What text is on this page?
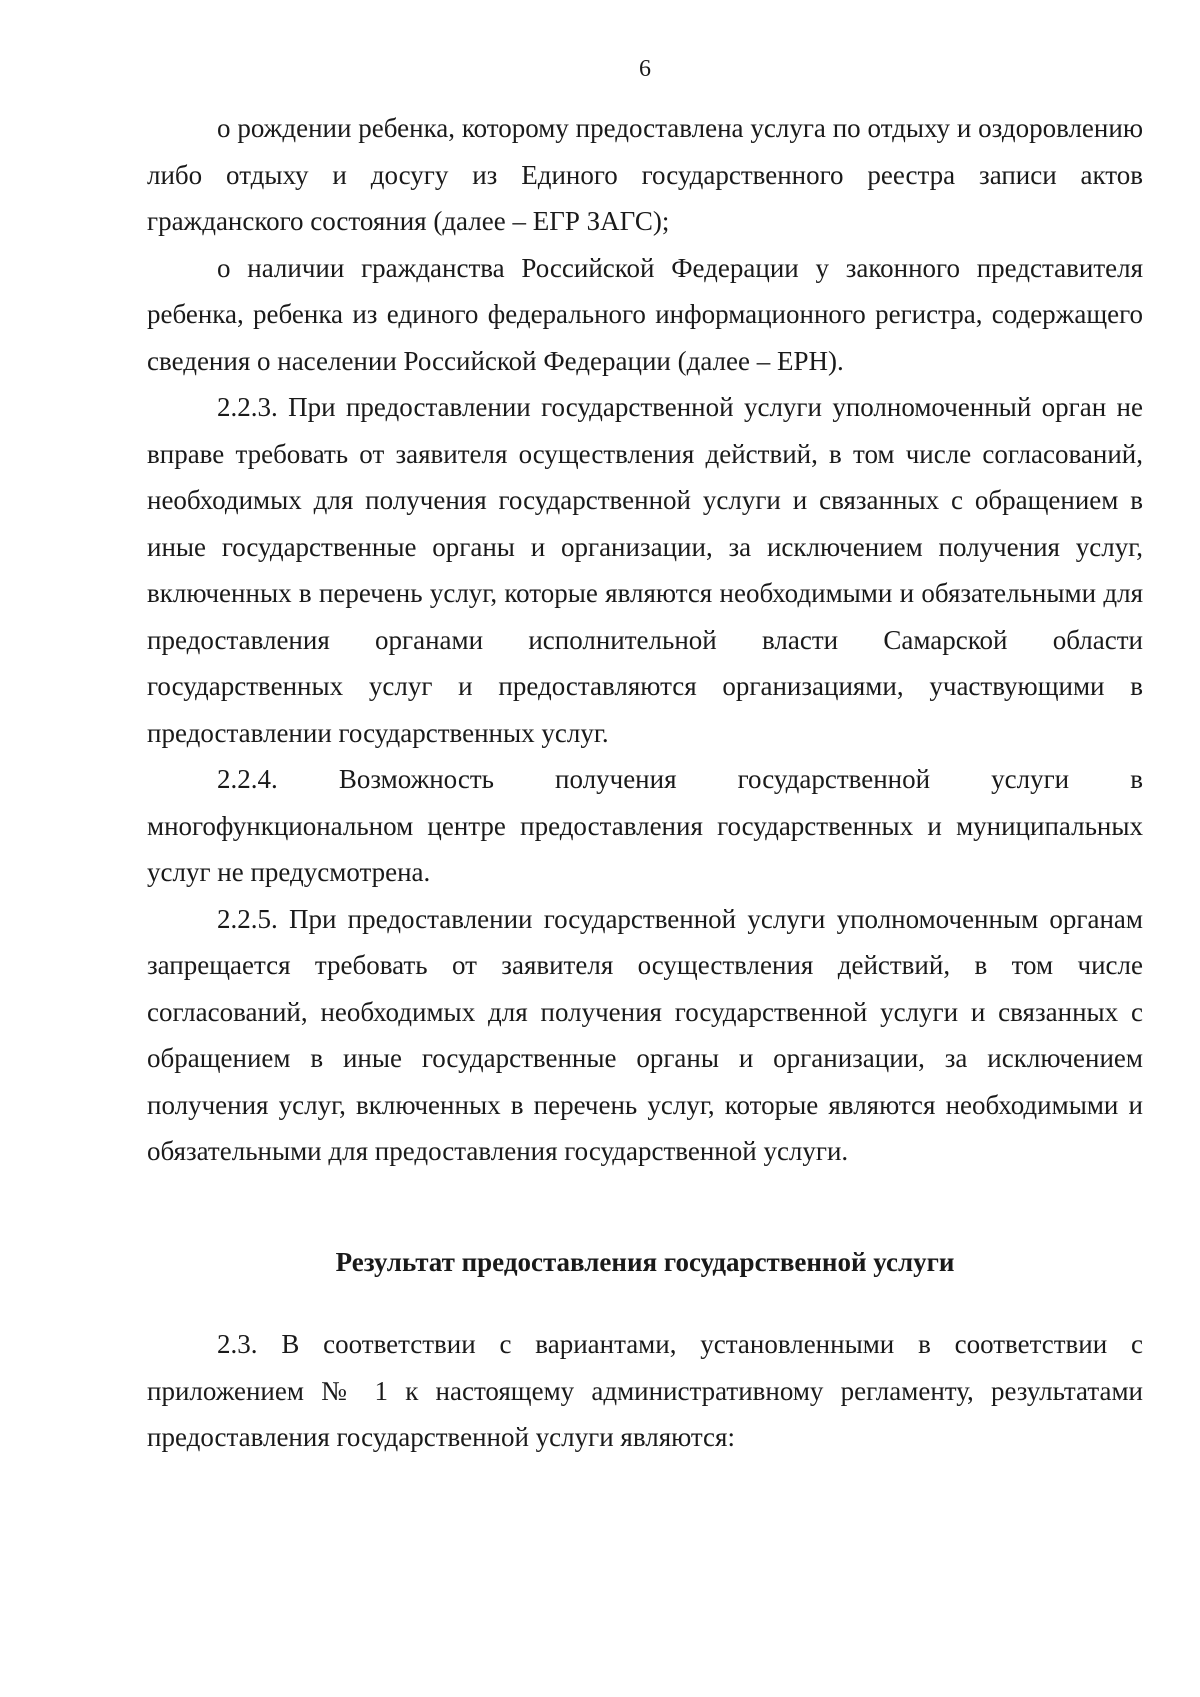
6

о рождении ребенка, которому предоставлена услуга по отдыху и оздоровлению либо отдыху и досугу из Единого государственного реестра записи актов гражданского состояния (далее – ЕГР ЗАГС);

о наличии гражданства Российской Федерации у законного представителя ребенка, ребенка из единого федерального информационного регистра, содержащего сведения о населении Российской Федерации (далее – ЕРН).

2.2.3. При предоставлении государственной услуги уполномоченный орган не вправе требовать от заявителя осуществления действий, в том числе согласований, необходимых для получения государственной услуги и связанных с обращением в иные государственные органы и организации, за исключением получения услуг, включенных в перечень услуг, которые являются необходимыми и обязательными для предоставления органами исполнительной власти Самарской области государственных услуг и предоставляются организациями, участвующими в предоставлении государственных услуг.

2.2.4. Возможность получения государственной услуги в многофункциональном центре предоставления государственных и муниципальных услуг не предусмотрена.

2.2.5. При предоставлении государственной услуги уполномоченным органам запрещается требовать от заявителя осуществления действий, в том числе согласований, необходимых для получения государственной услуги и связанных с обращением в иные государственные органы и организации, за исключением получения услуг, включенных в перечень услуг, которые являются необходимыми и обязательными для предоставления государственной услуги.

Результат предоставления государственной услуги

2.3. В соответствии с вариантами, установленными в соответствии с приложением № 1 к настоящему административному регламенту, результатами предоставления государственной услуги являются:
